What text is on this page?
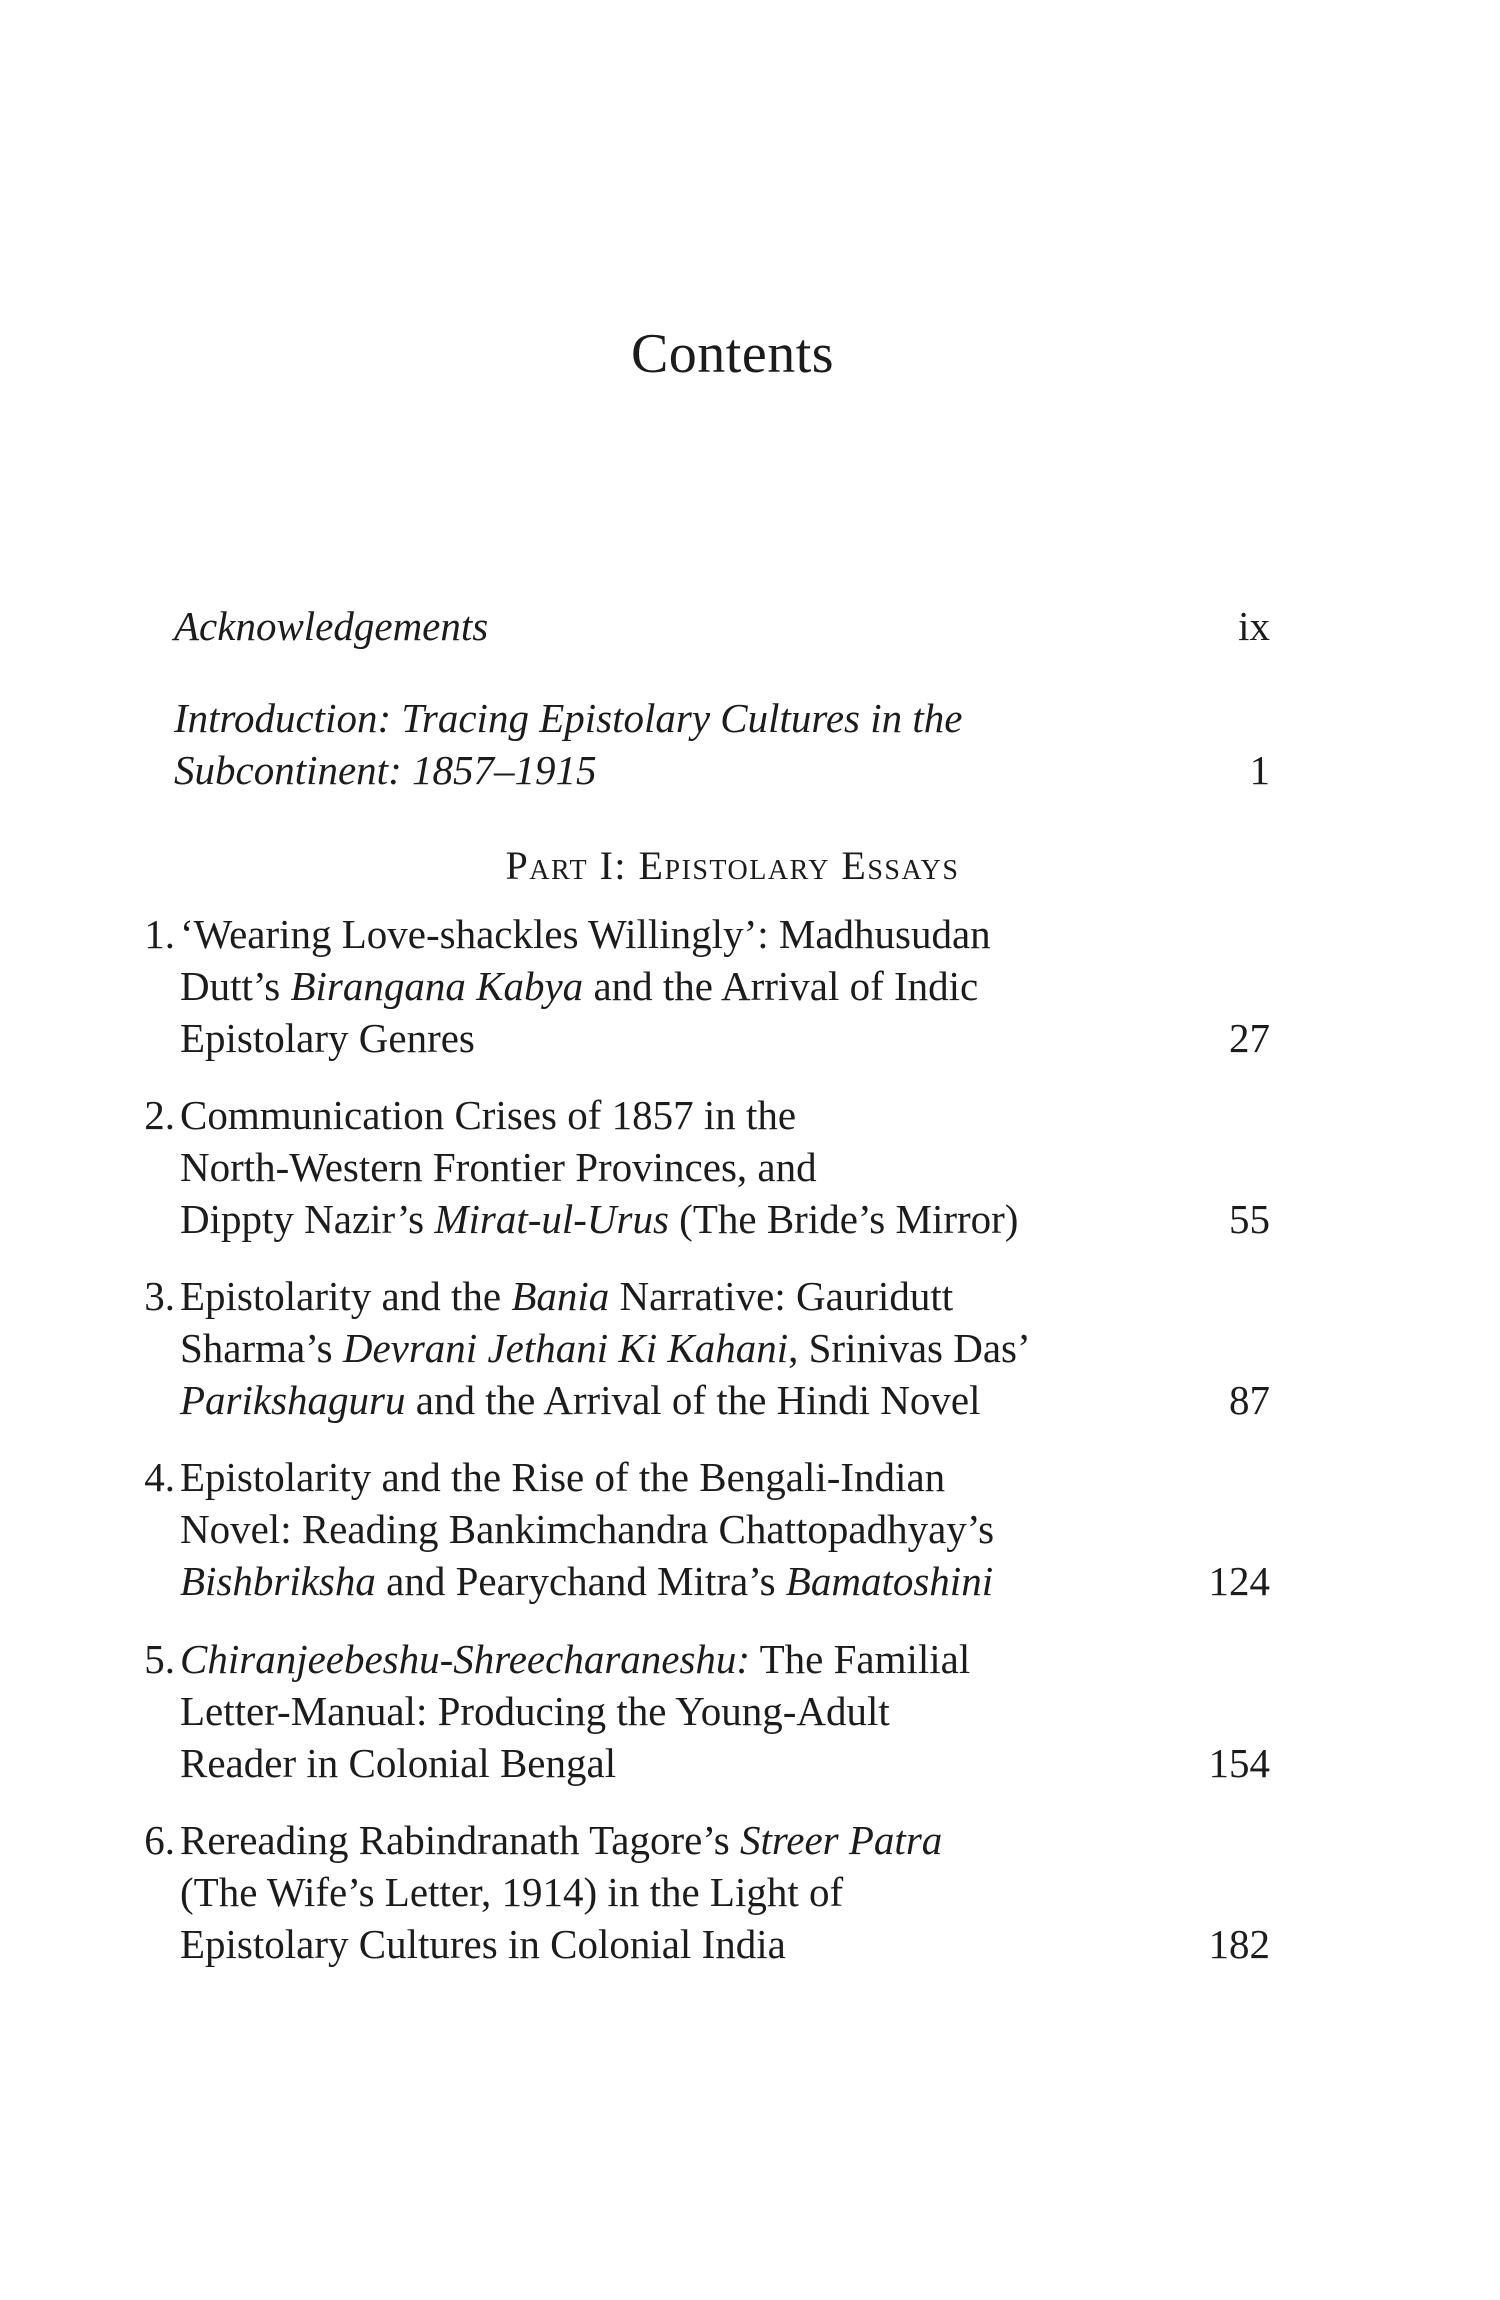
Contents
Part I: Epistolary Essays
Acknowledgements	ix
Introduction: Tracing Epistolary Cultures in the
Subcontinent: 1857–1915	1
1. ‘Wearing Love-shackles Willingly’: Madhusudan
Dutt’s Birangana Kabya and the Arrival of Indic
Epistolary Genres	27
2. Communication Crises of 1857 in the
North-Western Frontier Provinces, and
Dippty Nazir’s Mirat-ul-Urus (The Bride’s Mirror)	55
3. Epistolarity and the Bania Narrative: Gauridutt
Sharma’s Devrani Jethani Ki Kahani, Srinivas Das’
Parikshaguru and the Arrival of the Hindi Novel	87
4. Epistolarity and the Rise of the Bengali-Indian
Novel: Reading Bankimchandra Chattopadhyay’s
Bishbriksha and Pearychand Mitra’s Bamatoshini	124
5. Chiranjeebeshu-Shreecharaneshu: The Familial
Letter-Manual: Producing the Young-Adult
Reader in Colonial Bengal	154
6. Rereading Rabindranath Tagore’s Streer Patra
(The Wife’s Letter, 1914) in the Light of
Epistolary Cultures in Colonial India	182
